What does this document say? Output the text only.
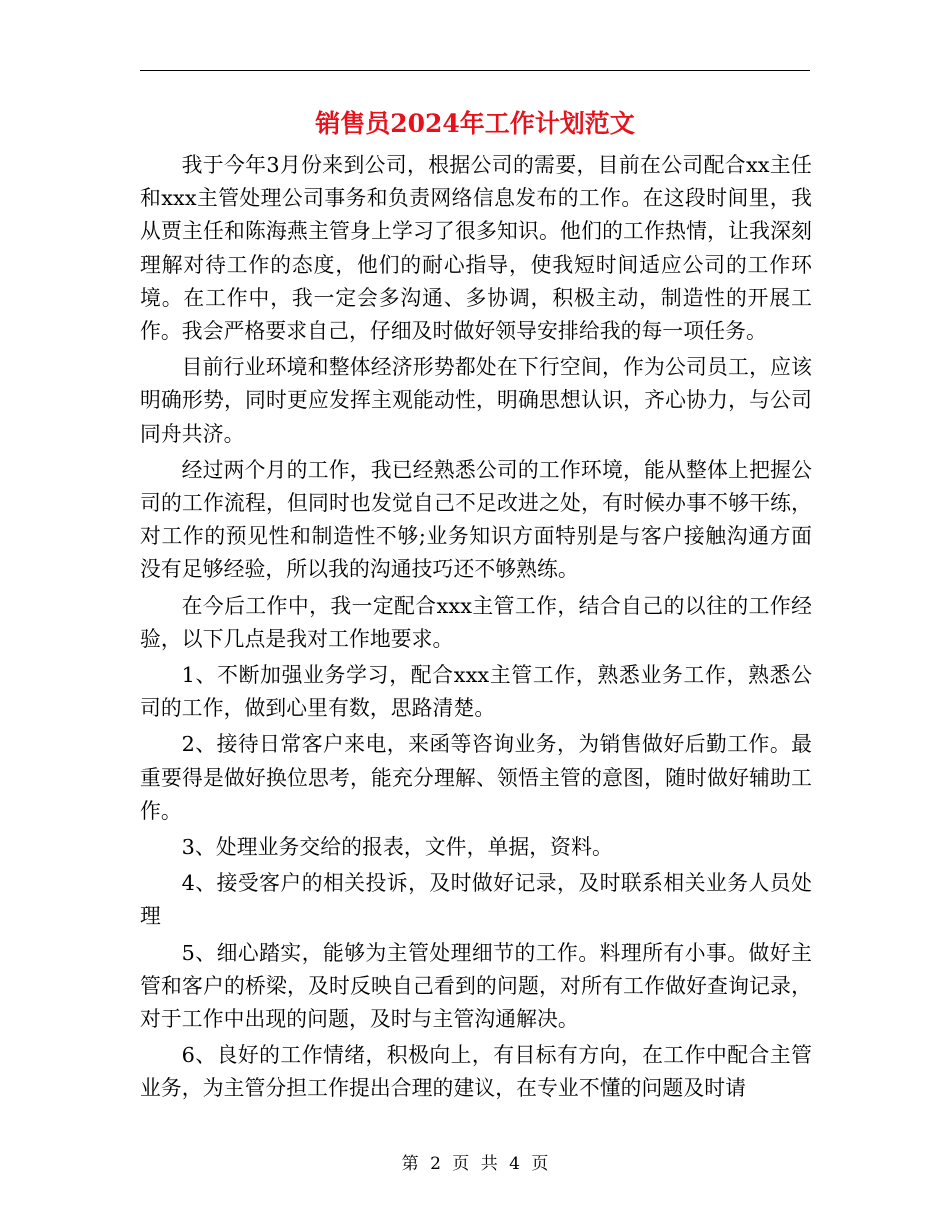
销售员2024年工作计划范文

我于今年3月份来到公司，根据公司的需要，目前在公司配合xx主任和xxx主管处理公司事务和负责网络信息发布的工作。在这段时间里，我从贾主任和陈海燕主管身上学习了很多知识。他们的工作热情，让我深刻理解对待工作的态度，他们的耐心指导，使我短时间适应公司的工作环境。在工作中，我一定会多沟通、多协调，积极主动，制造性的开展工作。我会严格要求自己，仔细及时做好领导安排给我的每一项任务。

目前行业环境和整体经济形势都处在下行空间，作为公司员工，应该明确形势，同时更应发挥主观能动性，明确思想认识，齐心协力，与公司同舟共济。

经过两个月的工作，我已经熟悉公司的工作环境，能从整体上把握公司的工作流程，但同时也发觉自己不足改进之处，有时候办事不够干练，对工作的预见性和制造性不够;业务知识方面特别是与客户接触沟通方面没有足够经验，所以我的沟通技巧还不够熟练。

在今后工作中，我一定配合xxx主管工作，结合自己的以往的工作经验，以下几点是我对工作地要求。

1、不断加强业务学习，配合xxx主管工作，熟悉业务工作，熟悉公司的工作，做到心里有数，思路清楚。

2、接待日常客户来电，来函等咨询业务，为销售做好后勤工作。最重要得是做好换位思考，能充分理解、领悟主管的意图，随时做好辅助工作。

3、处理业务交给的报表，文件，单据，资料。

4、接受客户的相关投诉，及时做好记录，及时联系相关业务人员处理

5、细心踏实，能够为主管处理细节的工作。料理所有小事。做好主管和客户的桥梁，及时反映自己看到的问题，对所有工作做好查询记录，对于工作中出现的问题，及时与主管沟通解决。

6、良好的工作情绪，积极向上，有目标有方向，在工作中配合主管业务，为主管分担工作提出合理的建议，在专业不懂的问题及时请

第 2 页 共 4 页
